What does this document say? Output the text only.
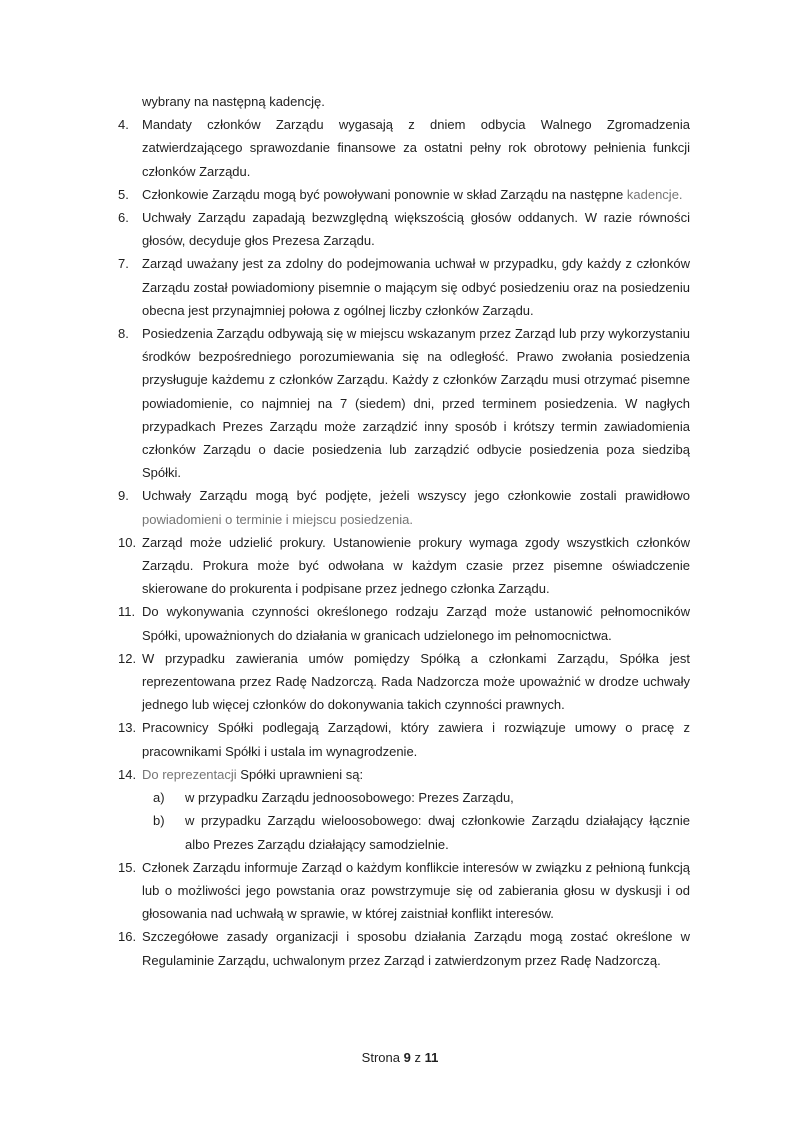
wybrany na następną kadencję.
4.	Mandaty członków Zarządu wygasają z dniem odbycia Walnego Zgromadzenia zatwierdzającego sprawozdanie finansowe za ostatni pełny rok obrotowy pełnienia funkcji członków Zarządu.
5.	Członkowie Zarządu mogą być powoływani ponownie w skład Zarządu na następne kadencje.
6.	Uchwały Zarządu zapadają bezwzględną większością głosów oddanych. W razie równości głosów, decyduje głos Prezesa Zarządu.
7.	Zarząd uważany jest za zdolny do podejmowania uchwał w przypadku, gdy każdy z członków Zarządu został powiadomiony pisemnie o mającym się odbyć posiedzeniu oraz na posiedzeniu obecna jest przynajmniej połowa z ogólnej liczby członków Zarządu.
8.	Posiedzenia Zarządu odbywają się w miejscu wskazanym przez Zarząd lub przy wykorzystaniu środków bezpośredniego porozumiewania się na odległość. Prawo zwołania posiedzenia przysługuje każdemu z członków Zarządu. Każdy z członków Zarządu musi otrzymać pisemne powiadomienie, co najmniej na 7 (siedem) dni, przed terminem posiedzenia. W nagłych przypadkach Prezes Zarządu może zarządzić inny sposób i krótszy termin zawiadomienia członków Zarządu o dacie posiedzenia lub zarządzić odbycie posiedzenia poza siedzibą Spółki.
9.	Uchwały Zarządu mogą być podjęte, jeżeli wszyscy jego członkowie zostali prawidłowo powiadomieni o terminie i miejscu posiedzenia.
10. Zarząd może udzielić prokury. Ustanowienie prokury wymaga zgody wszystkich członków Zarządu. Prokura może być odwołana w każdym czasie przez pisemne oświadczenie skierowane do prokurenta i podpisane przez jednego członka Zarządu.
11. Do wykonywania czynności określonego rodzaju Zarząd może ustanowić pełnomocników Spółki, upoważnionych do działania w granicach udzielonego im pełnomocnictwa.
12. W przypadku zawierania umów pomiędzy Spółką a członkami Zarządu, Spółka jest reprezentowana przez Radę Nadzorczą. Rada Nadzorcza może upoważnić w drodze uchwały jednego lub więcej członków do dokonywania takich czynności prawnych.
13. Pracownicy Spółki podlegają Zarządowi, który zawiera i rozwiązuje umowy o pracę z pracownikami Spółki i ustala im wynagrodzenie.
14. Do reprezentacji Spółki uprawnieni są:
a)	w przypadku Zarządu jednoosobowego: Prezes Zarządu,
b)	w przypadku Zarządu wieloosobowego: dwaj członkowie Zarządu działający łącznie albo Prezes Zarządu działający samodzielnie.
15. Członek Zarządu informuje Zarząd o każdym konflikcie interesów w związku z pełnioną funkcją lub o możliwości jego powstania oraz powstrzymuje się od zabierania głosu w dyskusji i od głosowania nad uchwałą w sprawie, w której zaistniał konflikt interesów.
16. Szczegółowe zasady organizacji i sposobu działania Zarządu mogą zostać określone w Regulaminie Zarządu, uchwalonym przez Zarząd i zatwierdzonym przez Radę Nadzorczą.
Strona 9 z 11
